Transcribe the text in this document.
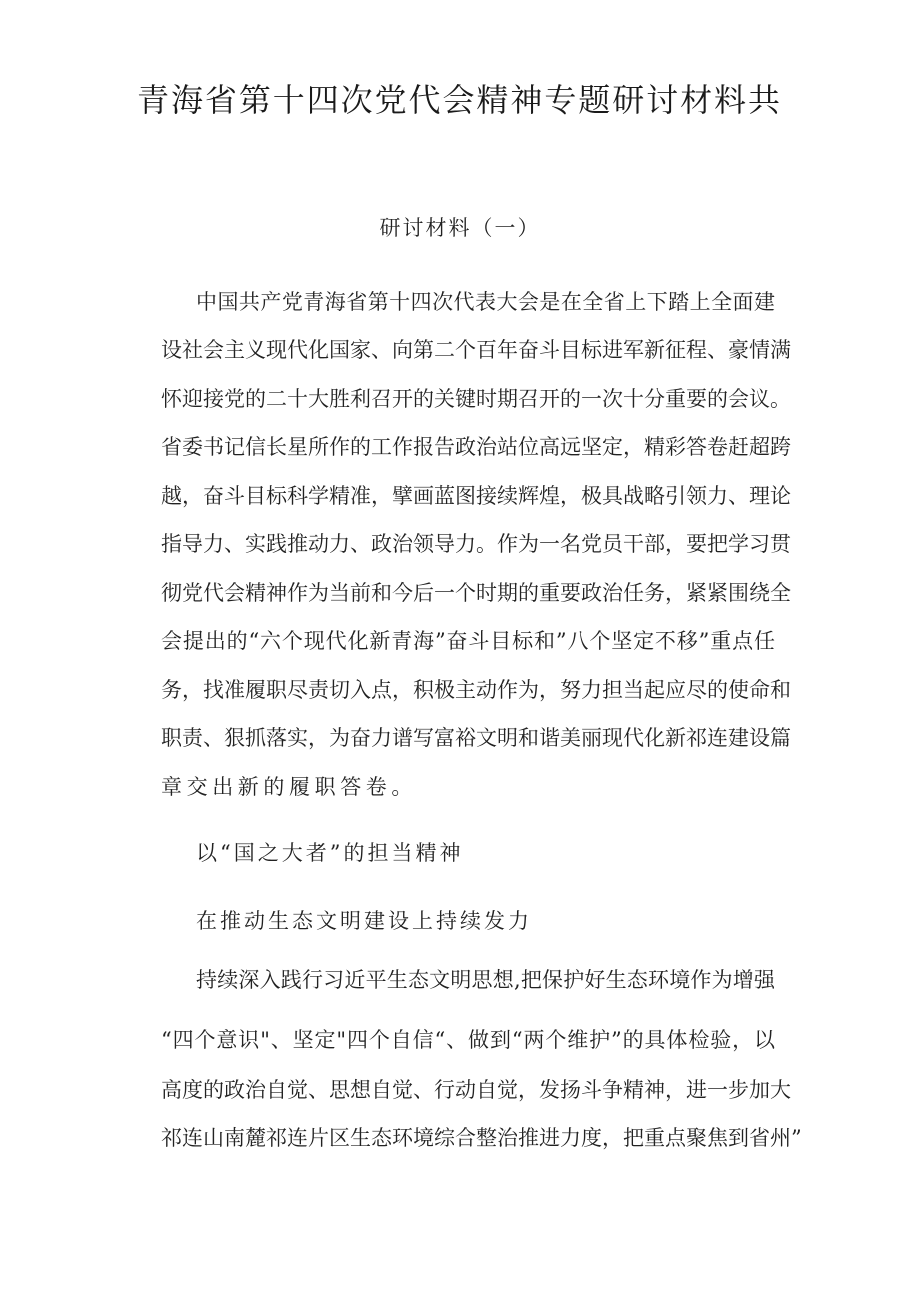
青海省第十四次党代会精神专题研讨材料共
研讨材料（一）
中国共产党青海省第十四次代表大会是在全省上下踏上全面建
设社会主义现代化国家、向第二个百年奋斗目标进军新征程、豪情满
怀迎接党的二十大胜利召开的关键时期召开的一次十分重要的会议。
省委书记信长星所作的工作报告政治站位高远坚定，精彩答卷赶超跨
越，奋斗目标科学精准，擘画蓝图接续辉煌，极具战略引领力、理论
指导力、实践推动力、政治领导力。作为一名党员干部，要把学习贯
彻党代会精神作为当前和今后一个时期的重要政治任务，紧紧围绕全
会提出的“六个现代化新青海”奋斗目标和”八个坚定不移”重点任
务，找准履职尽责切入点，积极主动作为，努力担当起应尽的使命和
职责、狠抓落实，为奋力谱写富裕文明和谐美丽现代化新祁连建设篇
章交出新的履职答卷。
以“国之大者”的担当精神
在推动生态文明建设上持续发力
持续深入践行习近平生态文明思想,把保护好生态环境作为增强
“四个意识"、坚定"四个自信“、做到“两个维护”的具体检验，以
高度的政治自觉、思想自觉、行动自觉，发扬斗争精神，进一步加大
祁连山南麓祁连片区生态环境综合整治推进力度，把重点聚焦到省州”
